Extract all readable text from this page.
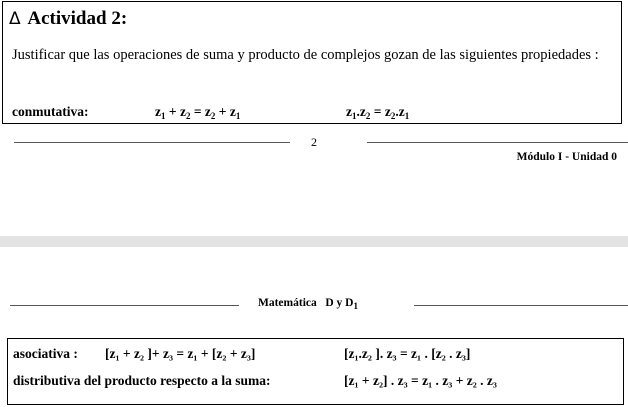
Δ Actividad 2:
Justificar que las operaciones de suma y producto de complejos gozan de las siguientes propiedades :
conmutativa:	$z_1 + z_2 = z_2 + z_1$	$z_1.z_2 = z_2.z_1$
2
Módulo I - Unidad 0
Matemática D y $D_1$
asociativa : [z₁ + z₂ ]+ z₃ = z₁ + [z₂ + z₃]	[z₁.z₂ ]. z₃ = z₁ . [z₂ . z₃]
distributiva del producto respecto a la suma:	[z₁ + z₂] . z₃ = z₁ . z₃ + z₂ . z₃
